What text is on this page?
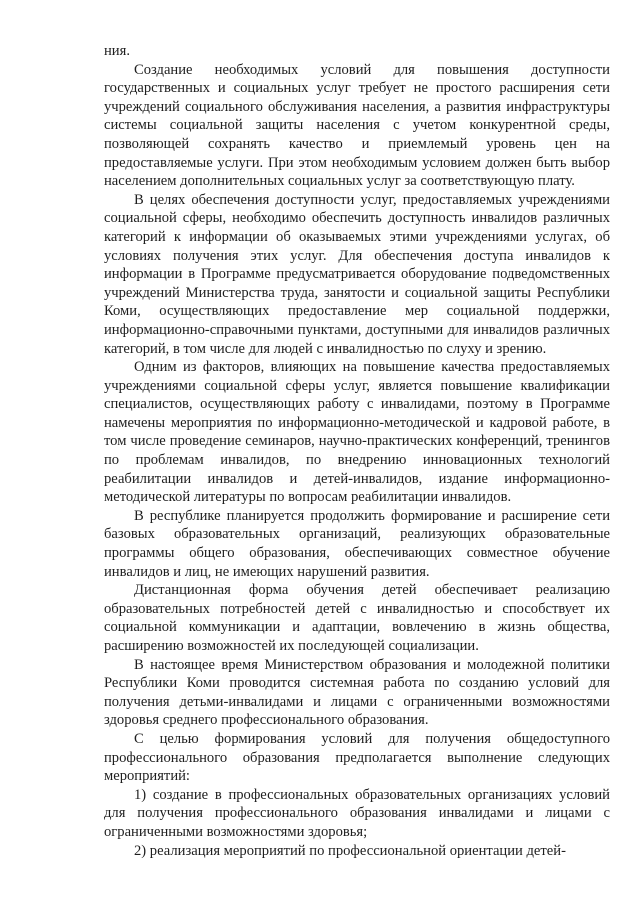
ния.

Создание необходимых условий для повышения доступности государственных и социальных услуг требует не простого расширения сети учреждений социального обслуживания населения, а развития инфраструктуры системы социальной защиты населения с учетом конкурентной среды, позволяющей сохранять качество и приемлемый уровень цен на предоставляемые услуги. При этом необходимым условием должен быть выбор населением дополнительных социальных услуг за соответствующую плату.

В целях обеспечения доступности услуг, предоставляемых учреждениями социальной сферы, необходимо обеспечить доступность инвалидов различных категорий к информации об оказываемых этими учреждениями услугах, об условиях получения этих услуг. Для обеспечения доступа инвалидов к информации в Программе предусматривается оборудование подведомственных учреждений Министерства труда, занятости и социальной защиты Республики Коми, осуществляющих предоставление мер социальной поддержки, информационно-справочными пунктами, доступными для инвалидов различных категорий, в том числе для людей с инвалидностью по слуху и зрению.

Одним из факторов, влияющих на повышение качества предоставляемых учреждениями социальной сферы услуг, является повышение квалификации специалистов, осуществляющих работу с инвалидами, поэтому в Программе намечены мероприятия по информационно-методической и кадровой работе, в том числе проведение семинаров, научно-практических конференций, тренингов по проблемам инвалидов, по внедрению инновационных технологий реабилитации инвалидов и детей-инвалидов, издание информационно-методической литературы по вопросам реабилитации инвалидов.

В республике планируется продолжить формирование и расширение сети базовых образовательных организаций, реализующих образовательные программы общего образования, обеспечивающих совместное обучение инвалидов и лиц, не имеющих нарушений развития.

Дистанционная форма обучения детей обеспечивает реализацию образовательных потребностей детей с инвалидностью и способствует их социальной коммуникации и адаптации, вовлечению в жизнь общества, расширению возможностей их последующей социализации.

В настоящее время Министерством образования и молодежной политики Республики Коми проводится системная работа по созданию условий для получения детьми-инвалидами и лицами с ограниченными возможностями здоровья среднего профессионального образования.

С целью формирования условий для получения общедоступного профессионального образования предполагается выполнение следующих мероприятий:

1) создание в профессиональных образовательных организациях условий для получения профессионального образования инвалидами и лицами с ограниченными возможностями здоровья;

2) реализация мероприятий по профессиональной ориентации детей-
